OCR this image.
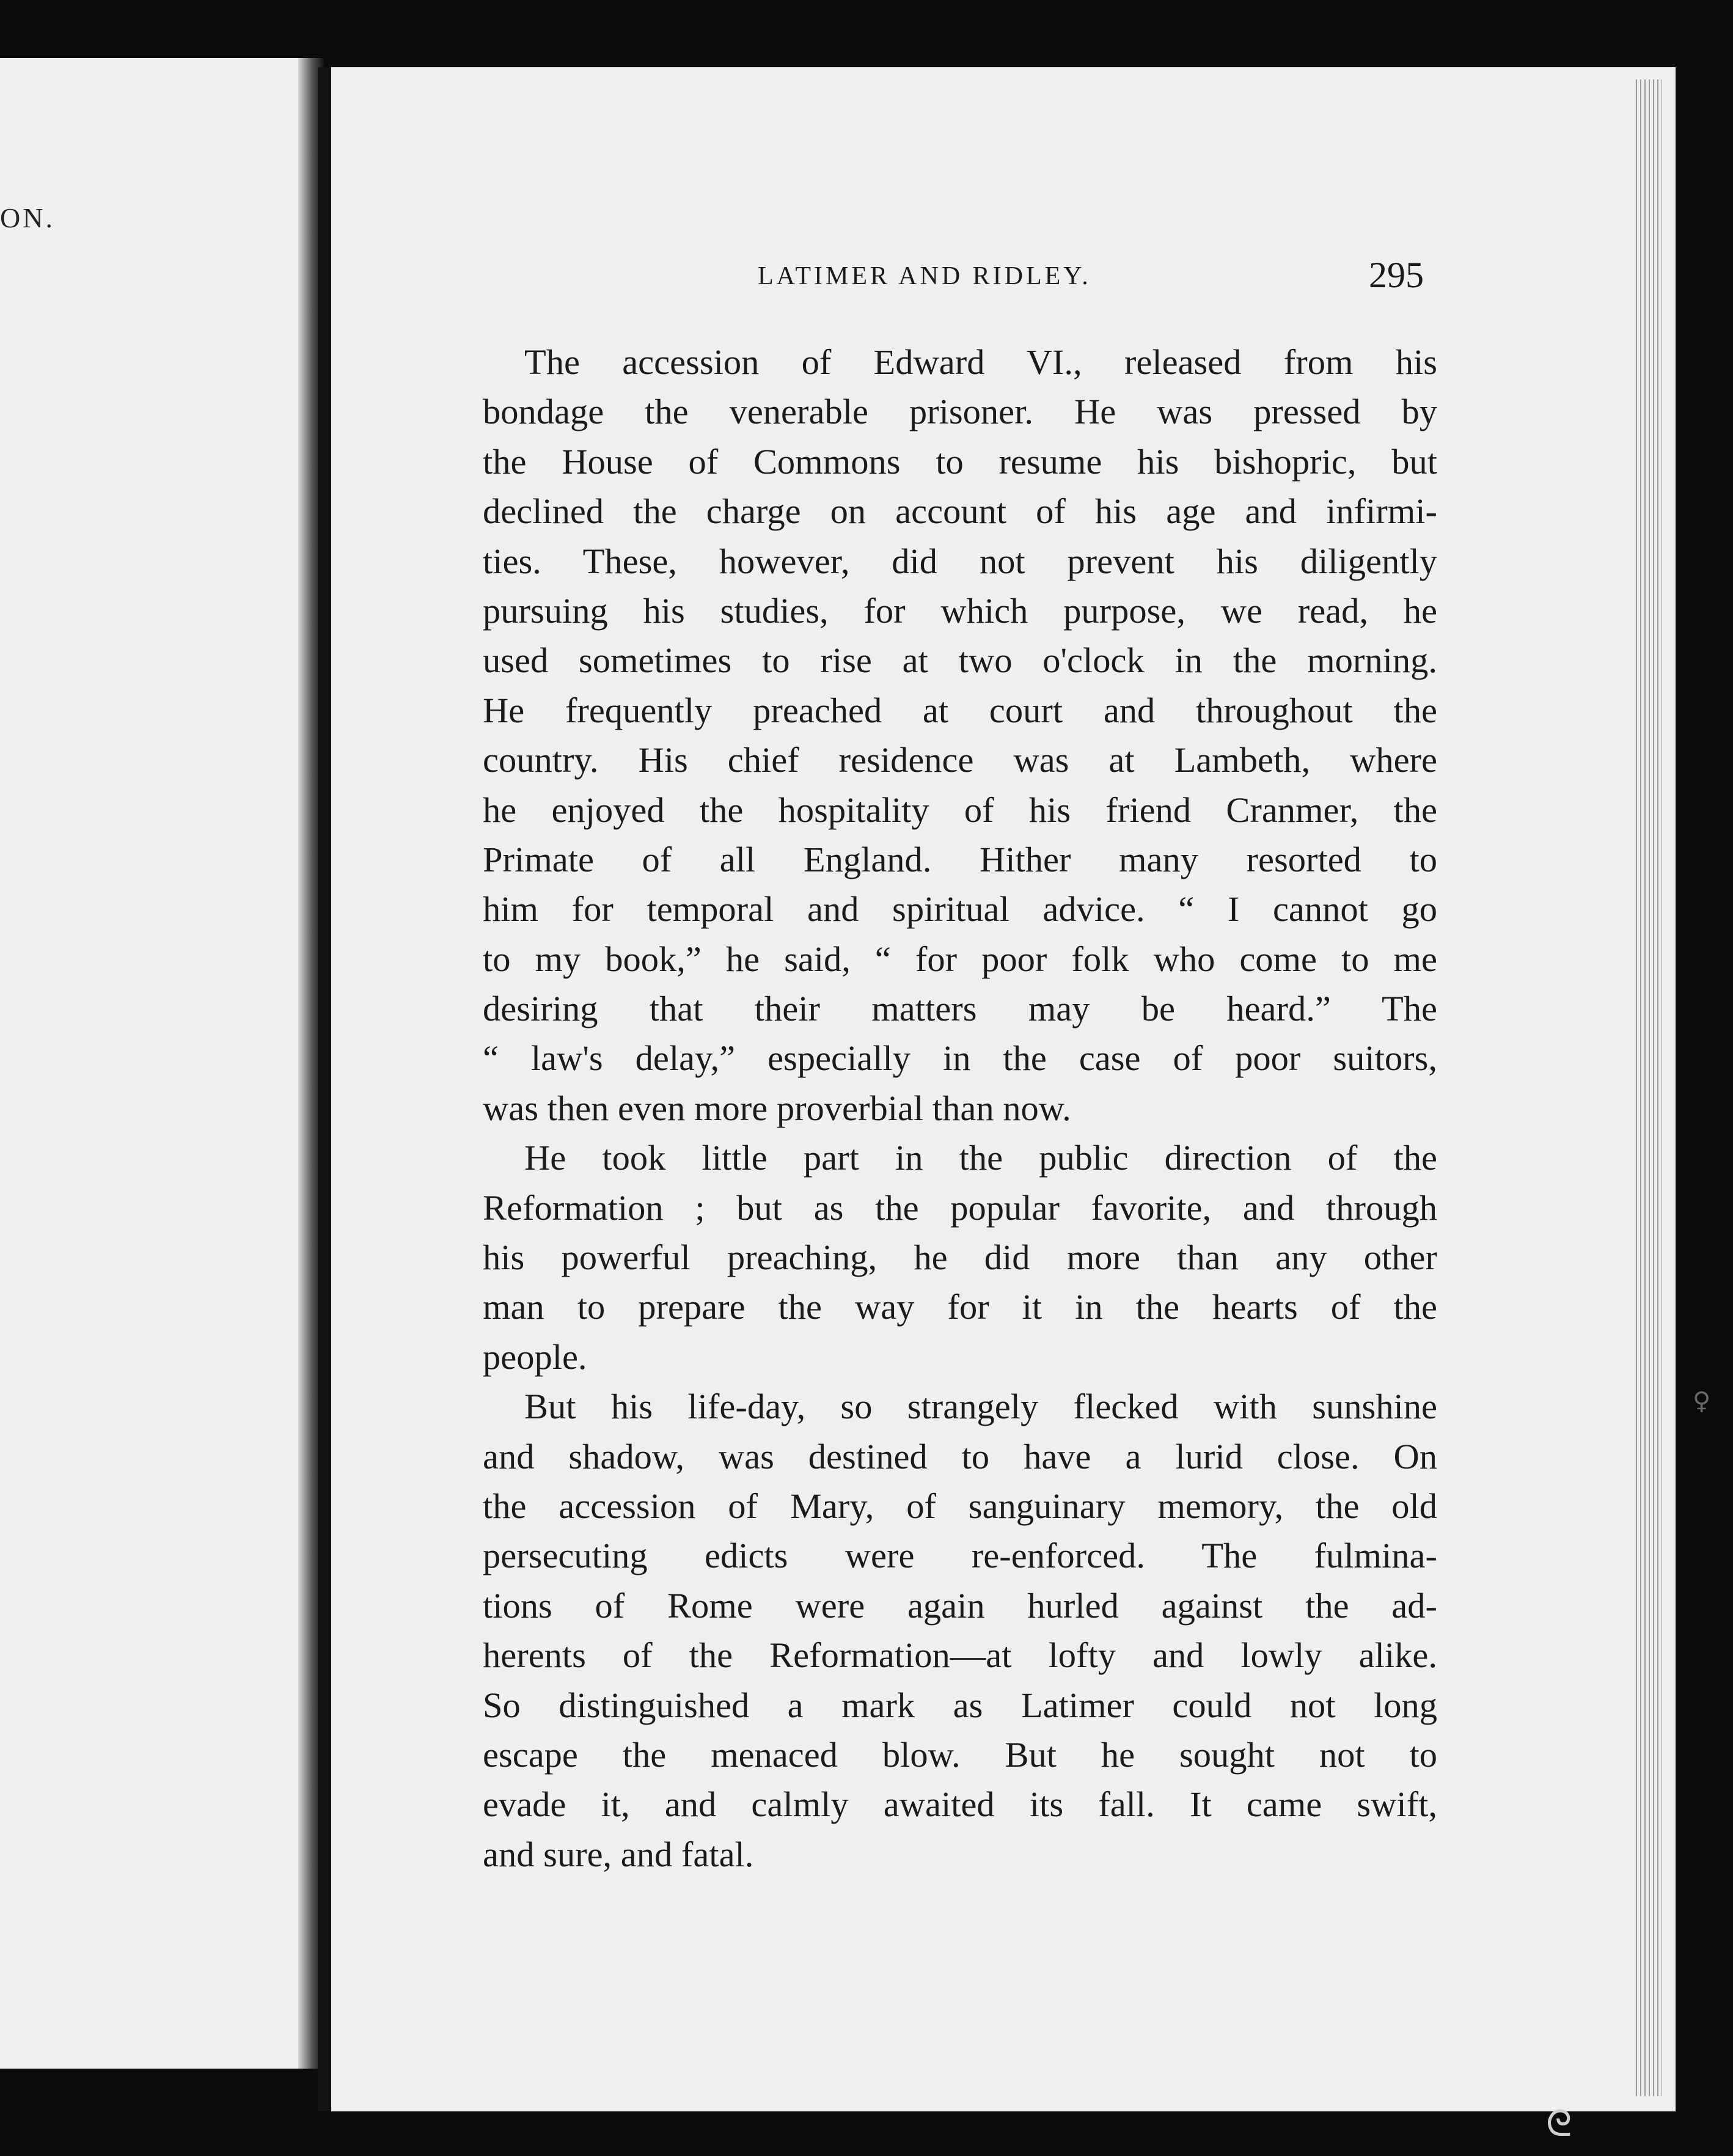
ON.
LATIMER AND RIDLEY.	295
The accession of Edward VI., released from his
bondage the venerable prisoner. He was pressed by
the House of Commons to resume his bishopric, but
declined the charge on account of his age and infirmi-
ties. These, however, did not prevent his diligently
pursuing his studies, for which purpose, we read, he
used sometimes to rise at two o'clock in the morning.
He frequently preached at court and throughout the
country. His chief residence was at Lambeth, where
he enjoyed the hospitality of his friend Cranmer, the
Primate of all England. Hither many resorted to
him for temporal and spiritual advice. “ I cannot go
to my book,” he said, “ for poor folk who come to me
desiring that their matters may be heard.” The
“ law's delay,” especially in the case of poor suitors,
was then even more proverbial than now.
He took little part in the public direction of the
Reformation ; but as the popular favorite, and through
his powerful preaching, he did more than any other
man to prepare the way for it in the hearts of the
people.
But his life-day, so strangely flecked with sunshine
and shadow, was destined to have a lurid close. On
the accession of Mary, of sanguinary memory, the old
persecuting edicts were re-enforced. The fulmina-
tions of Rome were again hurled against the ad-
herents of the Reformation—at lofty and lowly alike.
So distinguished a mark as Latimer could not long
escape the menaced blow. But he sought not to
evade it, and calmly awaited its fall. It came swift,
and sure, and fatal.
ᘓ
♀
